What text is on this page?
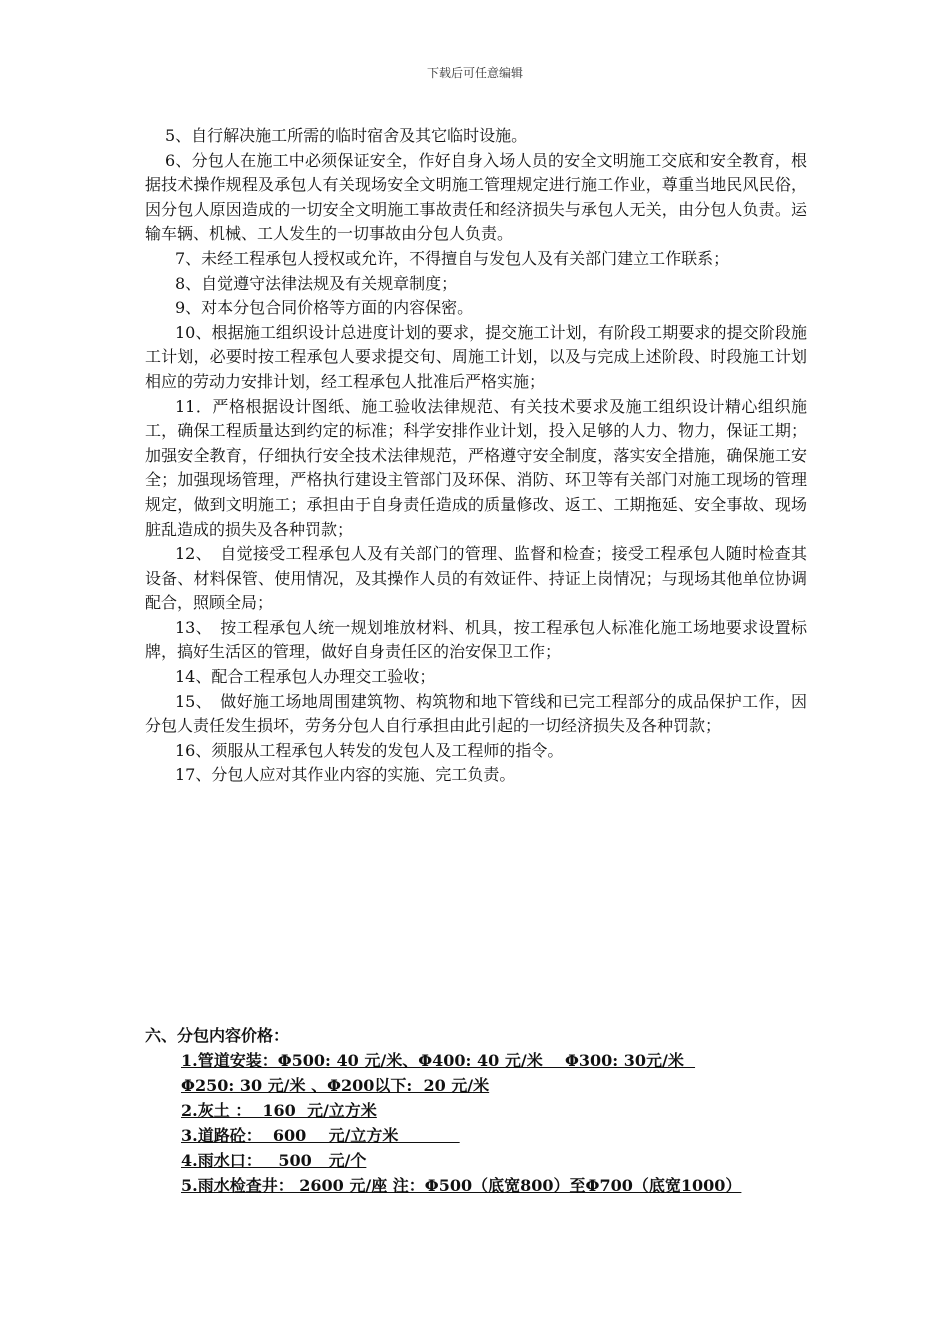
下载后可任意编辑

5、自行解决施工所需的临时宿舍及其它临时设施。

6、分包人在施工中必须保证安全，作好自身入场人员的安全文明施工交底和安全教育，根据技术操作规程及承包人有关现场安全文明施工管理规定进行施工作业，尊重当地民风民俗，因分包人原因造成的一切安全文明施工事故责任和经济损失与承包人无关，由分包人负责。运输车辆、机械、工人发生的一切事故由分包人负责。

7、未经工程承包人授权或允许，不得擅自与发包人及有关部门建立工作联系；

8、自觉遵守法律法规及有关规章制度；

9、对本分包合同价格等方面的内容保密。

10、根据施工组织设计总进度计划的要求，提交施工计划，有阶段工期要求的提交阶段施工计划，必要时按工程承包人要求提交旬、周施工计划，以及与完成上述阶段、时段施工计划相应的劳动力安排计划，经工程承包人批准后严格实施；

11．严格根据设计图纸、施工验收法律规范、有关技术要求及施工组织设计精心组织施工，确保工程质量达到约定的标准；科学安排作业计划，投入足够的人力、物力，保证工期；加强安全教育，仔细执行安全技术法律规范，严格遵守安全制度，落实安全措施，确保施工安全；加强现场管理，严格执行建设主管部门及环保、消防、环卫等有关部门对施工现场的管理规定，做到文明施工；承担由于自身责任造成的质量修改、返工、工期拖延、安全事故、现场脏乱造成的损失及各种罚款；

12、　自觉接受工程承包人及有关部门的管理、监督和检查；接受工程承包人随时检查其设备、材料保管、使用情况，及其操作人员的有效证件、持证上岗情况；与现场其他单位协调配合，照顾全局；

13、　按工程承包人统一规划堆放材料、机具，按工程承包人标准化施工场地要求设置标牌，搞好生活区的管理，做好自身责任区的治安保卫工作；

14、配合工程承包人办理交工验收；

15、　做好施工场地周围建筑物、构筑物和地下管线和已完工程部分的成品保护工作，因分包人责任发生损坏，劳务分包人自行承担由此引起的一切经济损失及各种罚款；

16、须服从工程承包人转发的发包人及工程师的指令。

17、分包人应对其作业内容的实施、完工负责。

六、分包内容价格：

1.管道安装：Φ500: 40 元/米、Φ400: 40 元/米    Φ300: 30元/米

Φ250: 30 元/米 、Φ200以下:  20 元/米

2.灰土 ：  160  元/立方米

3.道路砼：  600    元/立方米

4.雨水口：   500   元/个

5.雨水检查井： 2600 元/座 注：Φ500（底宽800）至Φ700（底宽1000）
